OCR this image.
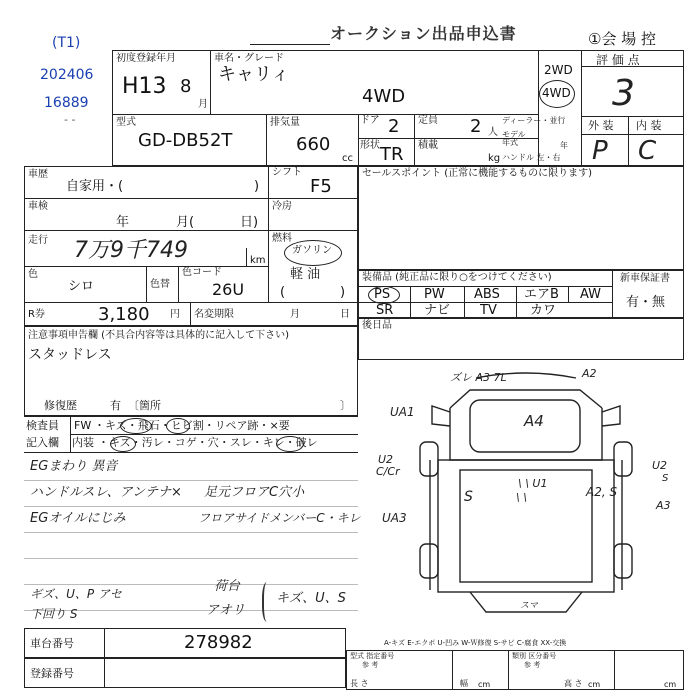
(T1)
202406
16889
- -
オークション出品申込書	①会 場 控
初度登録年月
H13 8
月
車名・グレード
キャリィ
4WD
2WD
4WD
評 価 点
3
外 装 内 装
P C
型式
GD-DB52T
排気量
660
cc
ドア 2 定員 2 人
ディーラー・並行
モデル年式	年
形状 TR 積載
kg ハンドル 左・右
車歴
自家用・(	)
シフト
F5
車検
年	月(	日)
冷房
走行 7万9千749	km
燃料
ガソリン
軽 油
(	)
色
シロ	色替
色コード
26U
R券	3,180 円 名変期限	月	日
セールスポイント (正常に機能するものに限ります)
装備品 (純正品に限り○をつけてください)
PS	PW ABS エアB AW
SR ナビ TV	カワ
新車保証書
有・無
後日品
注意事項申告欄 (不具合内容等は具体的に記入して下さい)
スタッドレス
修復歴	有 〔箇所	〕
検査員 FW ・キズ・飛石・ヒビ割・リペア跡・×要
記入欄 内装 ・キズ・汚レ・コゲ・穴・スレ・キレ・破レ
EGまわり 異音
ハンドルスレ、アンテナ× 足元フロアC穴小
EGオイルにじみ	フロアサイドメンバーC・キレ
ギズ、U、P アセ
下回り S
荷台
アオリ
キズ、U、S
ズレ A3 7L	A2
UA1	A4
U2
C/Cr
S
\ \ U1
\ \	A2, S
U2
S
A3
UA3
スマ
A-キズ E-エクボ U-凹み W-Ｗ修復 S-サビ C-腐食 XX-交換
車台番号	278982
登録番号
型式 指定番号
参 考
類別 区分番号
参 考
長 さ	幅	高 さ
cm	cm	cm
